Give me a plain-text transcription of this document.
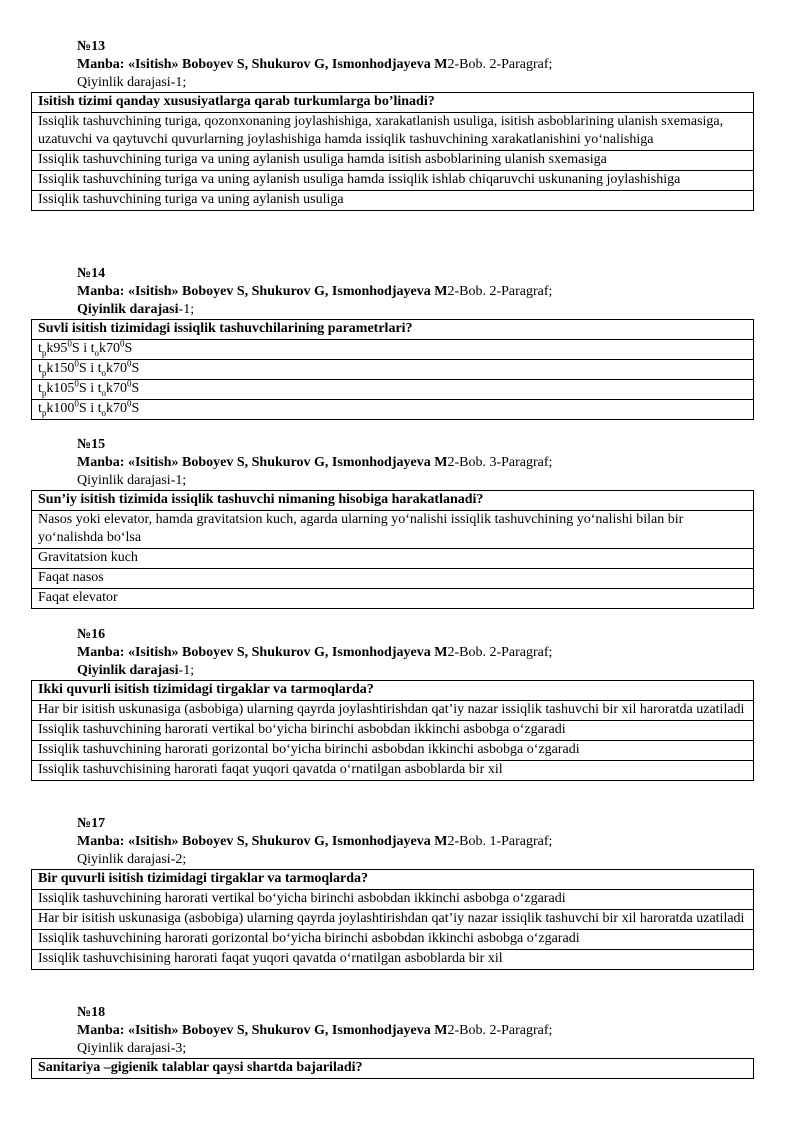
№13
Manba: «Isitish» Boboyev S, Shukurov G, Ismonhodjayeva M2-Bob. 2-Paragraf;
Qiyinlik darajasi-1;
Isitish tizimi qanday xususiyatlarga qarab turkumlarga bo’linadi?
Issiqlik tashuvchining turiga, qozonxonaning joylashishiga, xarakatlanish usuliga, isitish asboblarining ulanish sxemasiga, uzatuvchi va qaytuvchi quvurlarning joylashishiga hamda issiqlik tashuvchining xarakatlanishini yo‘nalishiga
Issiqlik tashuvchining turiga va uning aylanish usuliga hamda isitish asboblarining ulanish sxemasiga
Issiqlik tashuvchining turiga va uning aylanish usuliga hamda issiqlik ishlab chiqaruvchi uskunaning joylashishiga
Issiqlik tashuvchining turiga va uning aylanish usuliga
№14
Manba: «Isitish» Boboyev S, Shukurov G, Ismonhodjayeva M2-Bob. 2-Paragraf;
Qiyinlik darajasi-1;
Suvli isitish tizimidagi issiqlik tashuvchilarining parametrlari?
$t_pk95^0S$ i $t_ok70^0S$
$t_pk150^0S$ i $t_ok70^0S$
$t_pk105^0S$ i $t_ok70^0S$
$t_pk100^0S$ i $t_ok70^0S$
№15
Manba: «Isitish» Boboyev S, Shukurov G, Ismonhodjayeva M2-Bob. 3-Paragraf;
Qiyinlik darajasi-1;
Sun’iy isitish tizimida issiqlik tashuvchi nimaning hisobiga harakatlanadi?
Nasos yoki elevator, hamda gravitatsion kuch, agarda ularning yo‘nalishi issiqlik tashuvchining yo‘nalishi bilan bir yo‘nalishda bo‘lsa
Gravitatsion kuch
Faqat nasos
Faqat elevator
№16
Manba: «Isitish» Boboyev S, Shukurov G, Ismonhodjayeva M2-Bob. 2-Paragraf;
Qiyinlik darajasi-1;
Ikki quvurli isitish tizimidagi tirgaklar va tarmoqlarda?
Har bir isitish uskunasiga (asbobiga) ularning qayrda joylashtirishdan qat’iy nazar issiqlik tashuvchi bir xil haroratda uzatiladi
Issiqlik tashuvchining harorati vertikal bo‘yicha birinchi asbobdan ikkinchi asbobga o‘zgaradi
Issiqlik tashuvchining harorati gorizontal bo‘yicha birinchi asbobdan ikkinchi asbobga o‘zgaradi
Issiqlik tashuvchisining harorati faqat yuqori qavatda o‘rnatilgan asboblarda bir xil
№17
Manba: «Isitish» Boboyev S, Shukurov G, Ismonhodjayeva M2-Bob. 1-Paragraf;
Qiyinlik darajasi-2;
Bir quvurli isitish tizimidagi tirgaklar va tarmoqlarda?
Issiqlik tashuvchining harorati vertikal bo‘yicha birinchi asbobdan ikkinchi asbobga o‘zgaradi
Har bir isitish uskunasiga (asbobiga) ularning qayrda joylashtirishdan qat’iy nazar issiqlik tashuvchi bir xil haroratda uzatiladi
Issiqlik tashuvchining harorati gorizontal bo‘yicha birinchi asbobdan ikkinchi asbobga o‘zgaradi
Issiqlik tashuvchisining harorati faqat yuqori qavatda o‘rnatilgan asboblarda bir xil
№18
Manba: «Isitish» Boboyev S, Shukurov G, Ismonhodjayeva M2-Bob. 2-Paragraf;
Qiyinlik darajasi-3;
Sanitariya –gigienik talablar qaysi shartda bajariladi?
